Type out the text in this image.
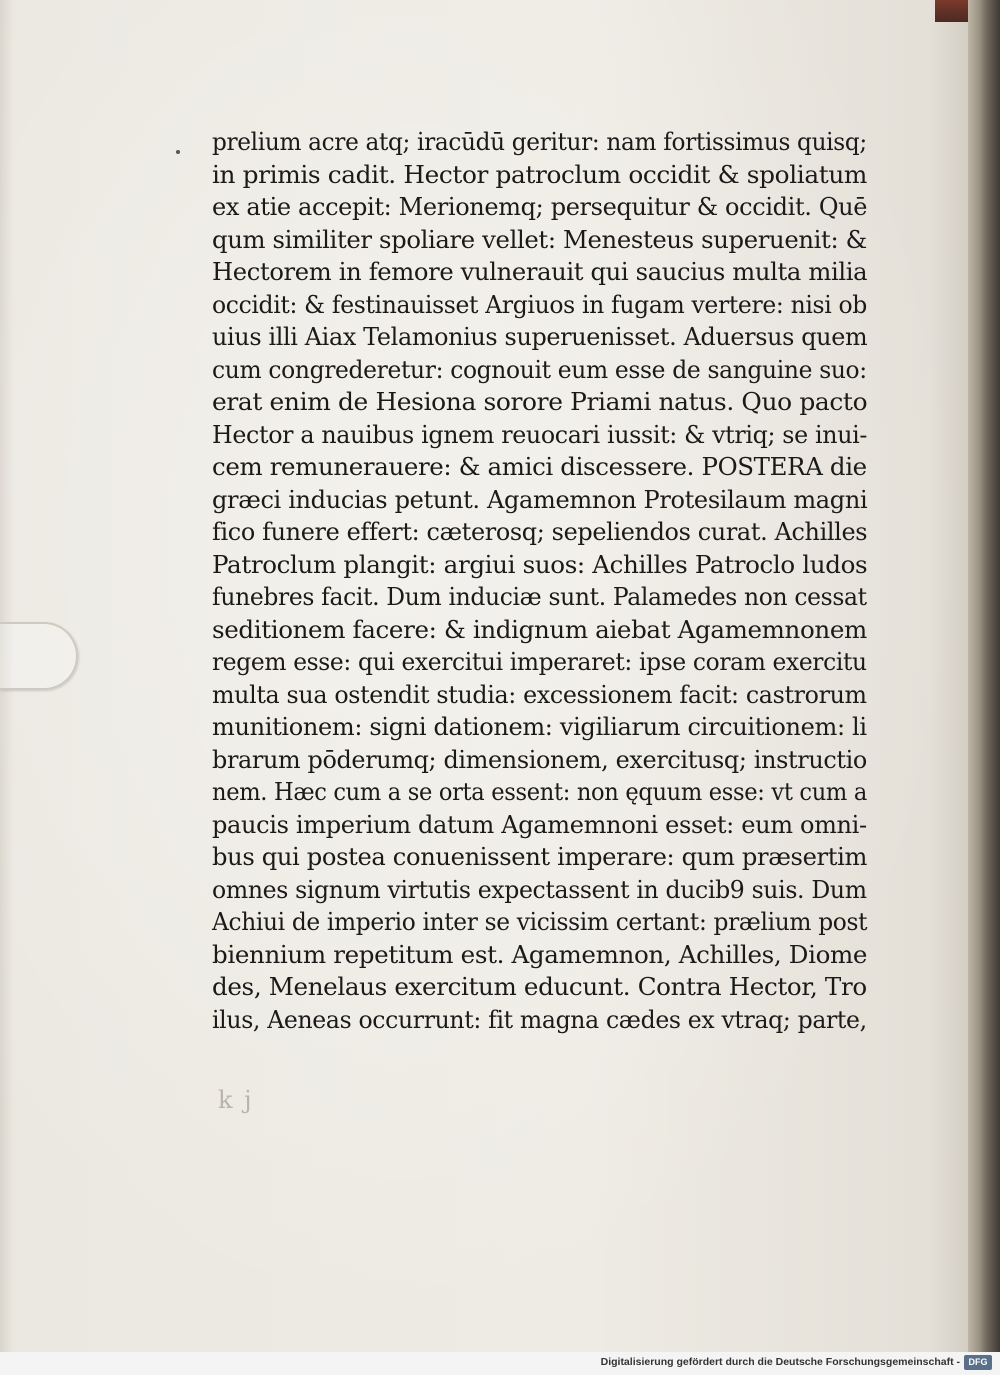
prelium acre atq; iracūdū geritur: nam fortissimus quisq;
in primis cadit. Hector patroclum occidit & spoliatum
ex atie accepit: Merionemq; persequitur & occidit. Quē
qum similiter spoliare vellet: Menesteus superuenit: &
Hectorem in femore vulnerauit qui saucius multa milia
occidit: & festinauisset Argiuos in fugam vertere: nisi ob
uius illi Aiax Telamonius superuenisset. Aduersus quem
cum congrederetur: cognouit eum esse de sanguine suo:
erat enim de Hesiona sorore Priami natus. Quo pacto
Hector a nauibus ignem reuocari iussit: & vtriq; se inui-
cem remunerauere: & amici discessere. POSTERA die
græci inducias petunt. Agamemnon Protesilaum magni
fico funere effert: cæterosq; sepeliendos curat. Achilles
Patroclum plangit: argiui suos: Achilles Patroclo ludos
funebres facit. Dum induciæ sunt. Palamedes non cessat
seditionem facere: & indignum aiebat Agamemnonem
regem esse: qui exercitui imperaret: ipse coram exercitu
multa sua ostendit studia: excessionem facit: castrorum
munitionem: signi dationem: vigiliarum circuitionem: li
brarum pōderumq; dimensionem, exercitusq; instructio
nem. Hæc cum a se orta essent: non ęquum esse: vt cum a
paucis imperium datum Agamemnoni esset: eum omni-
bus qui postea conuenissent imperare: qum præsertim
omnes signum virtutis expectassent in ducib9 suis. Dum
Achiui de imperio inter se vicissim certant: prælium post
biennium repetitum est. Agamemnon, Achilles, Diome
des, Menelaus exercitum educunt. Contra Hector, Tro
ilus, Aeneas occurrunt: fit magna cædes ex vtraq; parte,
k j
Digitalisierung gefördert durch die Deutsche Forschungsgemeinschaft - DFG
